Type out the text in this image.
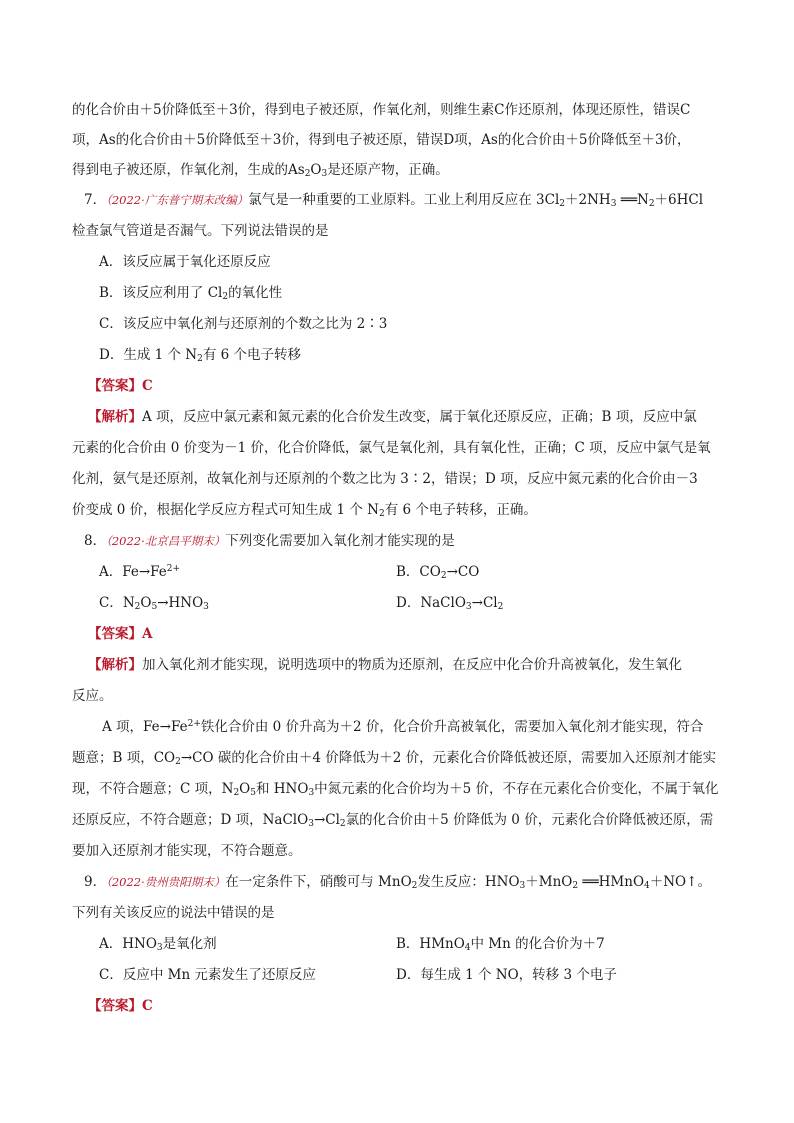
的化合价由＋5价降低至＋3价，得到电子被还原，作氧化剂，则维生素C作还原剂，体现还原性，错误C
项，As的化合价由＋5价降低至＋3价，得到电子被还原，错误D项，As的化合价由＋5价降低至＋3价，
得到电子被还原，作氧化剂，生成的$As_2O_3$是还原产物，正确。
7．（2022·广东普宁期末改编）氯气是一种重要的工业原料。工业上利用反应在 $3Cl_2+2NH_3$ $══N_2+6HCl$
检查氯气管道是否漏气。下列说法错误的是
A．该反应属于氧化还原反应
B．该反应利用了 $Cl_2$的氧化性
C．该反应中氧化剂与还原剂的个数之比为 2∶3
D．生成 1 个 $N_2$有 6 个电子转移
【答案】C
【解析】A 项，反应中氯元素和氮元素的化合价发生改变，属于氧化还原反应，正确；B 项，反应中氯
元素的化合价由 0 价变为－1 价，化合价降低，氯气是氧化剂，具有氧化性，正确；C 项，反应中氯气是氧
化剂，氨气是还原剂，故氧化剂与还原剂的个数之比为 3∶2，错误；D 项，反应中氮元素的化合价由－3
价变成 0 价，根据化学反应方程式可知生成 1 个 $N_2$有 6 个电子转移，正确。
8．（2022·北京昌平期末）下列变化需要加入氧化剂才能实现的是
A．$Fe\to Fe^{2+}$	B．$CO_2\to CO$
C．$N_2O_5\to HNO_3$	D．$NaClO_3\to Cl_2$
【答案】A
【解析】加入氧化剂才能实现，说明选项中的物质为还原剂，在反应中化合价升高被氧化，发生氧化
反应。
A 项，$Fe\to Fe^{2+}$铁化合价由 0 价升高为＋2 价，化合价升高被氧化，需要加入氧化剂才能实现，符合
题意；B 项，$CO_2\to CO$ 碳的化合价由＋4 价降低为＋2 价，元素化合价降低被还原，需要加入还原剂才能实
现，不符合题意；C 项，$N_2O_5$和 $HNO_3$中氮元素的化合价均为＋5 价，不存在元素化合价变化，不属于氧化
还原反应，不符合题意；D 项，$NaClO_3\to Cl_2$氯的化合价由＋5 价降低为 0 价，元素化合价降低被还原，需
要加入还原剂才能实现，不符合题意。
9．（2022·贵州贵阳期末）在一定条件下，硝酸可与 MnO$_2$发生反应：$HNO_3+MnO_2$ ══HMnO$_4$＋NO↑。
下列有关该反应的说法中错误的是
A．$HNO_3$是氧化剂	B．HMnO$_4$中 Mn 的化合价为＋7
C．反应中 Mn 元素发生了还原反应	D．每生成 1 个 NO，转移 3 个电子
【答案】C
